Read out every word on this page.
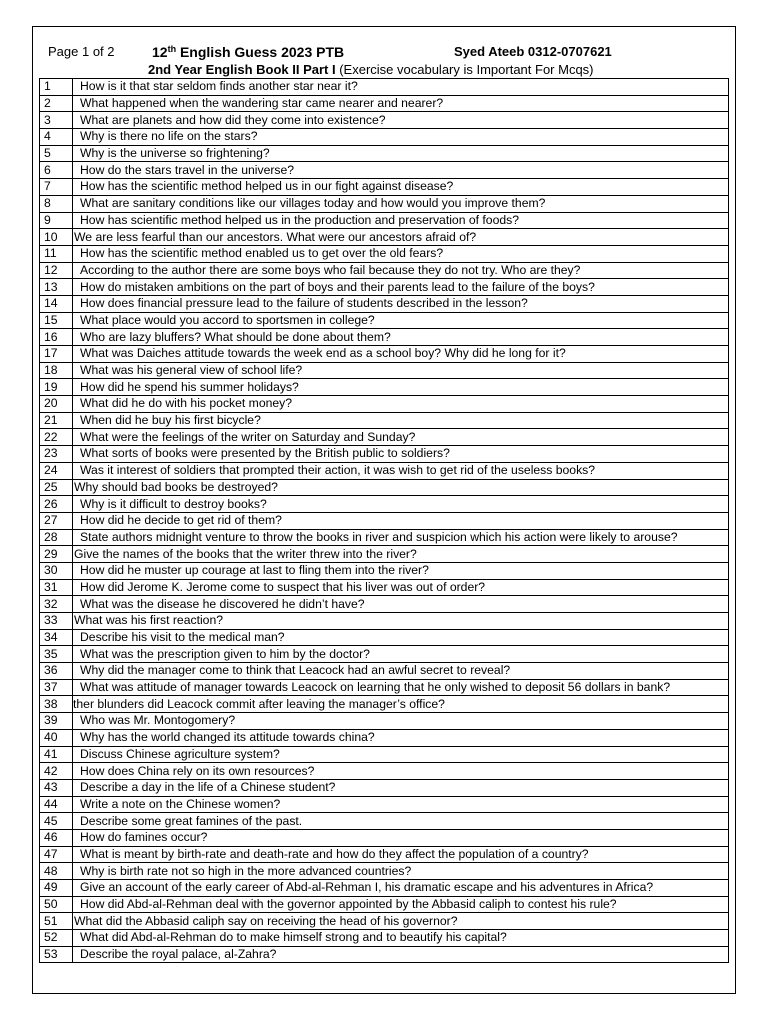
Page 1 of 2	12th English Guess 2023 PTB	Syed Ateeb 0312-0707621
2nd Year English Book II Part I (Exercise vocabulary is Important For Mcqs)
1	How is it that star seldom finds another star near it?
2	What happened when the wandering star came nearer and nearer?
3	What are planets and how did they come into existence?
4	Why is there no life on the stars?
5	Why is the universe so frightening?
6	How do the stars travel in the universe?
7	How has the scientific method helped us in our fight against disease?
8	What are sanitary conditions like our villages today and how would you improve them?
9	How has scientific method helped us in the production and preservation of foods?
10	We are less fearful than our ancestors. What were our ancestors afraid of?
11	How has the scientific method enabled us to get over the old fears?
12	According to the author there are some boys who fail because they do not try. Who are they?
13	How do mistaken ambitions on the part of boys and their parents lead to the failure of the boys?
14	How does financial pressure lead to the failure of students described in the lesson?
15	What place would you accord to sportsmen in college?
16	Who are lazy bluffers? What should be done about them?
17	What was Daiches attitude towards the week end as a school boy? Why did he long for it?
18	What was his general view of school life?
19	How did he spend his summer holidays?
20	What did he do with his pocket money?
21	When did he buy his first bicycle?
22	What were the feelings of the writer on Saturday and Sunday?
23	What sorts of books were presented by the British public to soldiers?
24	Was it interest of soldiers that prompted their action, it was wish to get rid of the useless books?
25	Why should bad books be destroyed?
26	Why is it difficult to destroy books?
27	How did he decide to get rid of them?
28	State authors midnight venture to throw the books in river and suspicion which his action were likely to arouse?
29	Give the names of the books that the writer threw into the river?
30	How did he muster up courage at last to fling them into the river?
31	How did Jerome K. Jerome come to suspect that his liver was out of order?
32	What was the disease he discovered he didn’t have?
33	What was his first reaction?
34	Describe his visit to the medical man?
35	What was the prescription given to him by the doctor?
36	Why did the manager come to think that Leacock had an awful secret to reveal?
37	What was attitude of manager towards Leacock on learning that he only wished to deposit 56 dollars in bank?
38	ther blunders did Leacock commit after leaving the manager’s office?
39	Who was Mr. Montogomery?
40	Why has the world changed its attitude towards china?
41	Discuss Chinese agriculture system?
42	How does China rely on its own resources?
43	Describe a day in the life of a Chinese student?
44	Write a note on the Chinese women?
45	Describe some great famines of the past.
46	How do famines occur?
47	What is meant by birth-rate and death-rate and how do they affect the population of a country?
48	Why is birth rate not so high in the more advanced countries?
49	Give an account of the early career of Abd-al-Rehman I, his dramatic escape and his adventures in Africa?
50	How did Abd-al-Rehman deal with the governor appointed by the Abbasid caliph to contest his rule?
51	What did the Abbasid caliph say on receiving the head of his governor?
52	What did Abd-al-Rehman do to make himself strong and to beautify his capital?
53	Describe the royal palace, al-Zahra?
